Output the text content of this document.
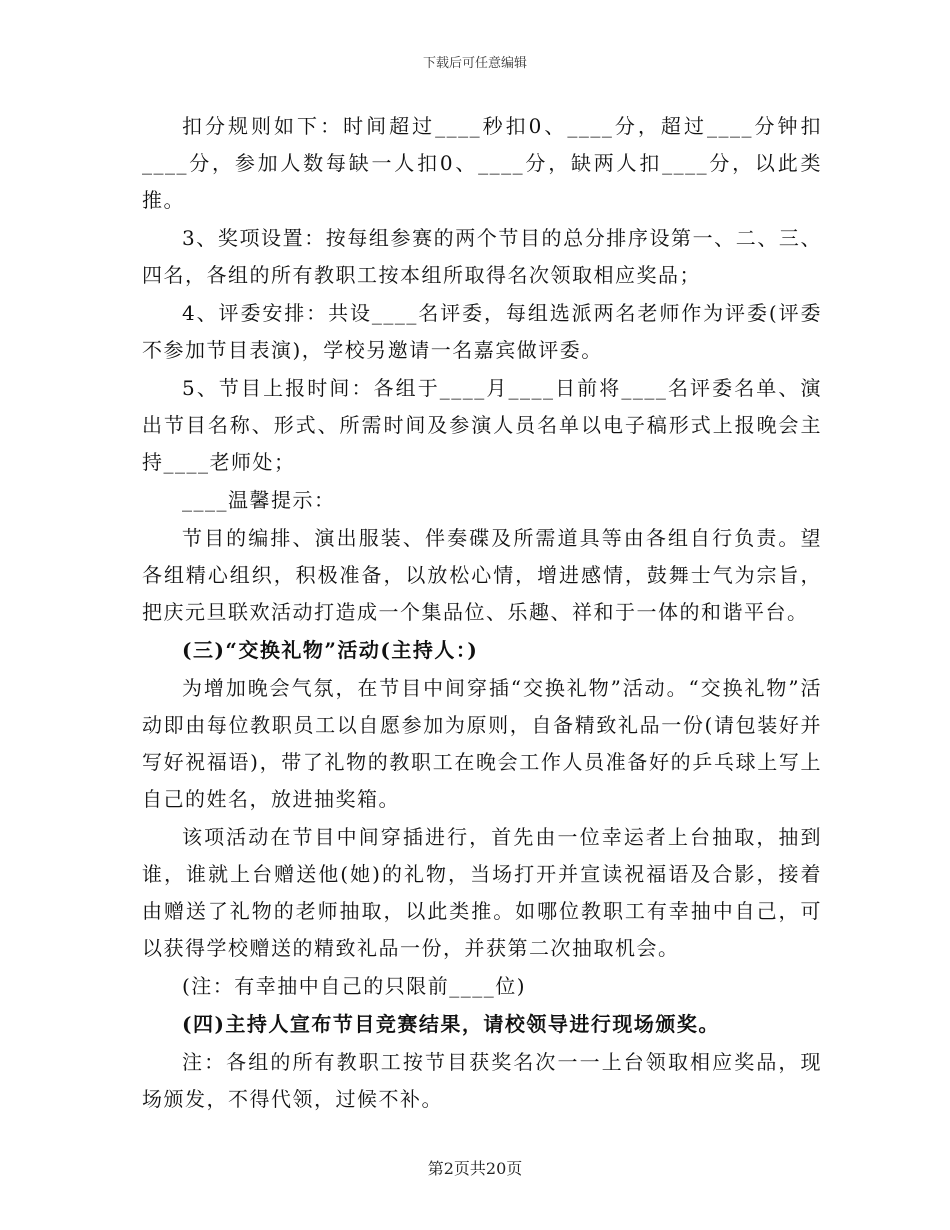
下载后可任意编辑

扣分规则如下：时间超过____秒扣0、____分，超过____分钟扣____分，参加人数每缺一人扣0、____分，缺两人扣____分，以此类推。

3、奖项设置：按每组参赛的两个节目的总分排序设第一、二、三、四名，各组的所有教职工按本组所取得名次领取相应奖品；

4、评委安排：共设____名评委，每组选派两名老师作为评委(评委不参加节目表演)，学校另邀请一名嘉宾做评委。

5、节目上报时间：各组于____月____日前将____名评委名单、演出节目名称、形式、所需时间及参演人员名单以电子稿形式上报晚会主持____老师处；

____温馨提示：

节目的编排、演出服装、伴奏碟及所需道具等由各组自行负责。望各组精心组织，积极准备，以放松心情，增进感情，鼓舞士气为宗旨，把庆元旦联欢活动打造成一个集品位、乐趣、祥和于一体的和谐平台。

(三)“交换礼物”活动(主持人：)

为增加晚会气氛，在节目中间穿插“交换礼物”活动。“交换礼物”活动即由每位教职员工以自愿参加为原则，自备精致礼品一份(请包装好并写好祝福语)，带了礼物的教职工在晚会工作人员准备好的乒乓球上写上自己的姓名，放进抽奖箱。

该项活动在节目中间穿插进行，首先由一位幸运者上台抽取，抽到谁，谁就上台赠送他(她)的礼物，当场打开并宣读祝福语及合影，接着由赠送了礼物的老师抽取，以此类推。如哪位教职工有幸抽中自己，可以获得学校赠送的精致礼品一份，并获第二次抽取机会。

(注：有幸抽中自己的只限前____位)

(四)主持人宣布节目竞赛结果，请校领导进行现场颁奖。

注：各组的所有教职工按节目获奖名次一一上台领取相应奖品，现场颁发，不得代领，过候不补。

第2页共20页
